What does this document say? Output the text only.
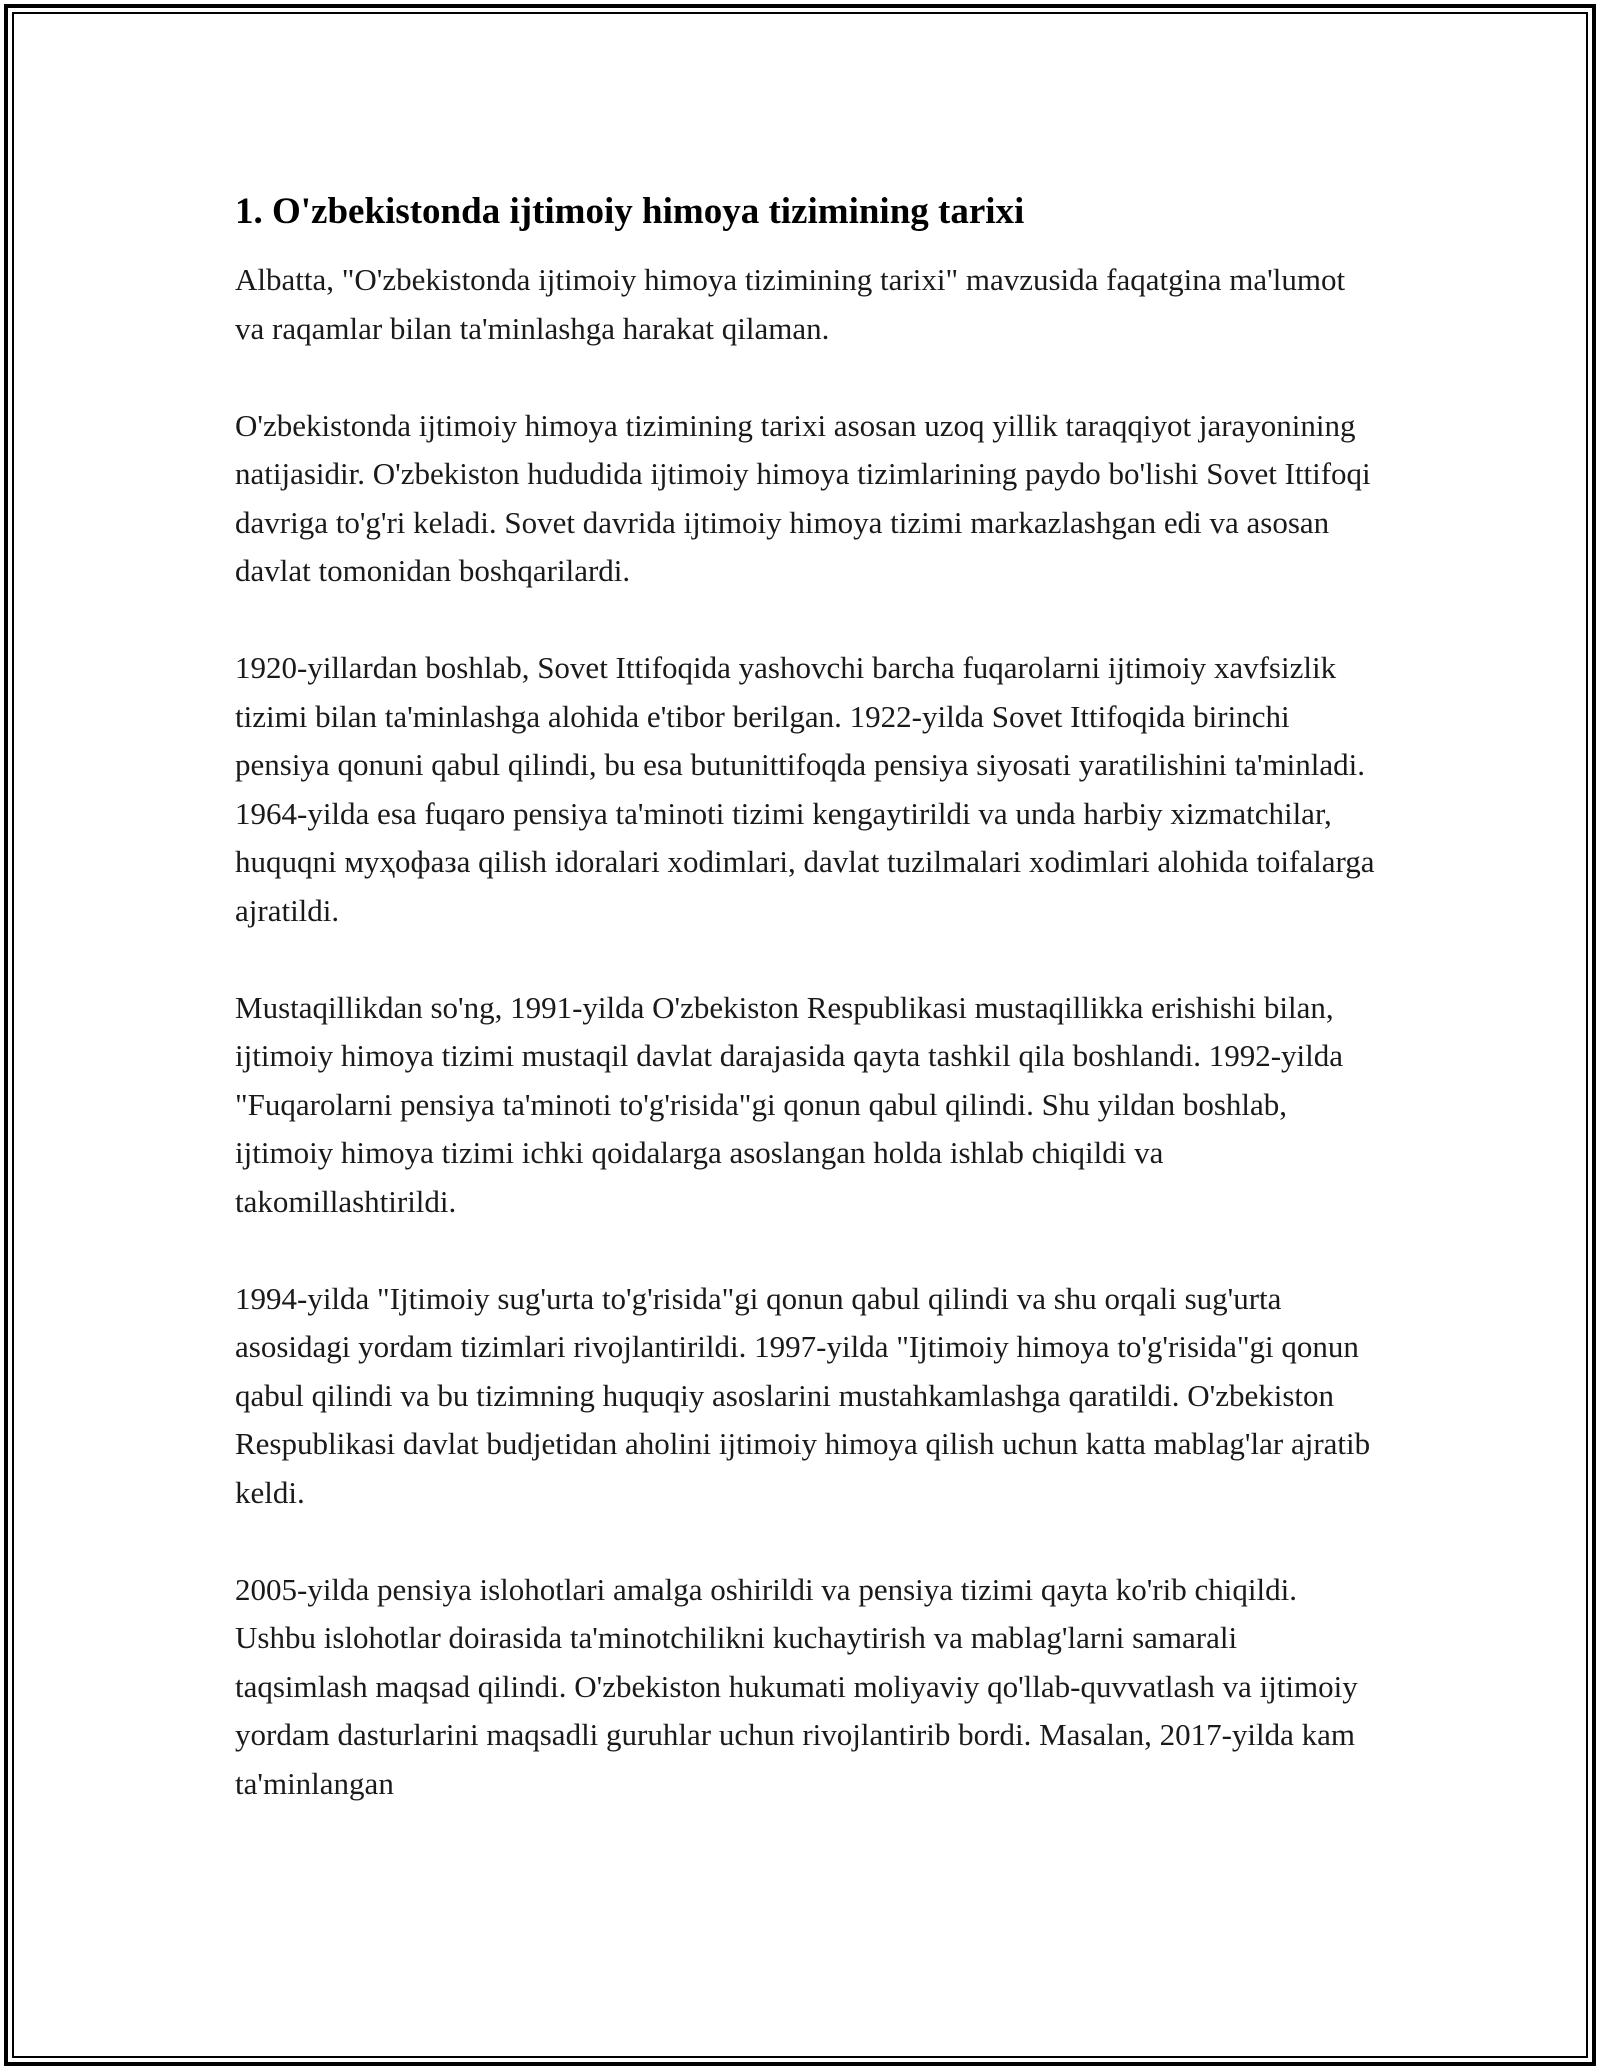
1. O'zbekistonda ijtimoiy himoya tizimining tarixi

Albatta, "O'zbekistonda ijtimoiy himoya tizimining tarixi" mavzusida faqatgina ma'lumot va raqamlar bilan ta'minlashga harakat qilaman.

O'zbekistonda ijtimoiy himoya tizimining tarixi asosan uzoq yillik taraqqiyot jarayonining natijasidir. O'zbekiston hududida ijtimoiy himoya tizimlarining paydo bo'lishi Sovet Ittifoqi davriga to'g'ri keladi. Sovet davrida ijtimoiy himoya tizimi markazlashgan edi va asosan davlat tomonidan boshqarilardi.

1920-yillardan boshlab, Sovet Ittifoqida yashovchi barcha fuqarolarni ijtimoiy xavfsizlik tizimi bilan ta'minlashga alohida e'tibor berilgan. 1922-yilda Sovet Ittifoqida birinchi pensiya qonuni qabul qilindi, bu esa butunittifoqda pensiya siyosati yaratilishini ta'minladi. 1964-yilda esa fuqaro pensiya ta'minoti tizimi kengaytirildi va unda harbiy xizmatchilar, huquqni муҳофаза qilish idoralari xodimlari, davlat tuzilmalari xodimlari alohida toifalarga ajratildi.

Mustaqillikdan so'ng, 1991-yilda O'zbekiston Respublikasi mustaqillikka erishishi bilan, ijtimoiy himoya tizimi mustaqil davlat darajasida qayta tashkil qila boshlandi. 1992-yilda "Fuqarolarni pensiya ta'minoti to'g'risida"gi qonun qabul qilindi. Shu yildan boshlab, ijtimoiy himoya tizimi ichki qoidalarga asoslangan holda ishlab chiqildi va takomillashtirildi.

1994-yilda "Ijtimoiy sug'urta to'g'risida"gi qonun qabul qilindi va shu orqali sug'urta asosidagi yordam tizimlari rivojlantirildi. 1997-yilda "Ijtimoiy himoya to'g'risida"gi qonun qabul qilindi va bu tizimning huquqiy asoslarini mustahkamlashga qaratildi. O'zbekiston Respublikasi davlat budjetidan aholini ijtimoiy himoya qilish uchun katta mablag'lar ajratib keldi.

2005-yilda pensiya islohotlari amalga oshirildi va pensiya tizimi qayta ko'rib chiqildi. Ushbu islohotlar doirasida ta'minotchilikni kuchaytirish va mablag'larni samarali taqsimlash maqsad qilindi. O'zbekiston hukumati moliyaviy qo'llab-quvvatlash va ijtimoiy yordam dasturlarini maqsadli guruhlar uchun rivojlantirib bordi. Masalan, 2017-yilda kam ta'minlangan
